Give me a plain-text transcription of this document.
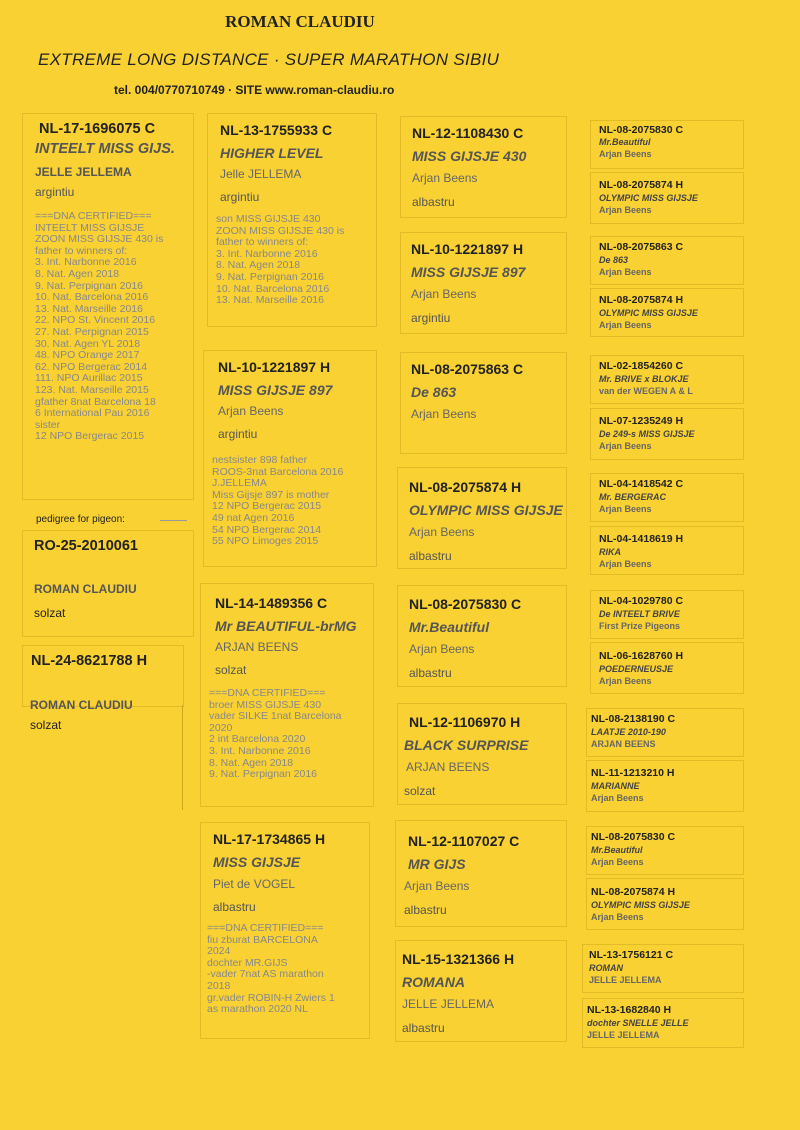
ROMAN CLAUDIU
EXTREME LONG DISTANCE · SUPER MARATHON SIBIU
tel. 004/0770710749 · SITE www.roman-claudiu.ro
pedigree for pigeon:
RO-25-2010061
ROMAN CLAUDIU
solzat
NL-17-1696075 C
INTEELT MISS GIJS.
JELLE JELLEMA
argintiu
===DNA CERTIFIED===
INTEELT MISS GIJSJE
ZOON MISS GIJSJE 430 is
father to winners of:
3. Int. Narbonne 2016
8. Nat. Agen 2018
9. Nat. Perpignan 2016
10. Nat. Barcelona 2016
13. Nat. Marseille 2016
22. NPO St. Vincent 2016
27. Nat. Perpignan 2015
30. Nat. Agen YL 2018
48. NPO Orange 2017
62. NPO Bergerac 2014
111. NPO Aurillac 2015
123. Nat. Marseille 2015
gfather 8nat Barcelona 18
6 International Pau 2016
sister
12 NPO Bergerac 2015
NL-24-8621788 H
ROMAN CLAUDIU
solzat
NL-13-1755933 C
HIGHER LEVEL
Jelle JELLEMA
argintiu
son MISS GIJSJE 430
ZOON MISS GIJSJE 430 is
father to winners of:
3. Int. Narbonne 2016
8. Nat. Agen 2018
9. Nat. Perpignan 2016
10. Nat. Barcelona 2016
13. Nat. Marseille 2016
NL-10-1221897 H
MISS GIJSJE 897
Arjan Beens
argintiu
nestsister 898 father
ROOS-3nat Barcelona 2016
J.JELLEMA
Miss Gijsje 897 is mother
12 NPO Bergerac 2015
49 nat Agen 2016
54 NPO Bergerac 2014
55 NPO Limoges 2015
NL-14-1489356 C
Mr BEAUTIFUL-brMG
ARJAN BEENS
solzat
===DNA CERTIFIED===
broer MISS GIJSJE 430
vader SILKE 1nat Barcelona
2020
2 int Barcelona 2020
3. Int. Narbonne 2016
8. Nat. Agen 2018
9. Nat. Perpignan 2016
NL-17-1734865 H
MISS GIJSJE
Piet de VOGEL
albastru
===DNA CERTIFIED===
fiu zburat BARCELONA
2024
dochter MR.GIJS
-vader 7nat AS marathon
2018
gr.vader ROBIN-H Zwiers 1
as marathon 2020 NL
NL-12-1108430 C
MISS GIJSJE 430
Arjan Beens
albastru
NL-10-1221897 H
MISS GIJSJE 897
Arjan Beens
argintiu
NL-08-2075863 C
De 863
Arjan Beens
NL-08-2075874 H
OLYMPIC MISS GIJSJE
Arjan Beens
albastru
NL-08-2075830 C
Mr.Beautiful
Arjan Beens
albastru
NL-12-1106970 H
BLACK SURPRISE
ARJAN BEENS
solzat
NL-12-1107027 C
MR GIJS
Arjan Beens
albastru
NL-15-1321366 H
ROMANA
JELLE JELLEMA
albastru
NL-08-2075830 C
Mr.Beautiful
Arjan Beens
NL-08-2075874 H
OLYMPIC MISS GIJSJE
Arjan Beens
NL-08-2075863 C
De 863
Arjan Beens
NL-08-2075874 H
OLYMPIC MISS GIJSJE
Arjan Beens
NL-02-1854260 C
Mr. BRIVE x BLOKJE
van der WEGEN A & L
NL-07-1235249 H
De 249-s MISS GIJSJE
Arjan Beens
NL-04-1418542 C
Mr. BERGERAC
Arjan Beens
NL-04-1418619 H
RIKA
Arjan Beens
NL-04-1029780 C
De INTEELT BRIVE
First Prize Pigeons
NL-06-1628760 H
POEDERNEUSJE
Arjan Beens
NL-08-2138190 C
LAATJE 2010-190
ARJAN BEENS
NL-11-1213210 H
MARIANNE
Arjan Beens
NL-08-2075830 C
Mr.Beautiful
Arjan Beens
NL-08-2075874 H
OLYMPIC MISS GIJSJE
Arjan Beens
NL-13-1756121 C
ROMAN
JELLE JELLEMA
NL-13-1682840 H
dochter SNELLE JELLE
JELLE JELLEMA
